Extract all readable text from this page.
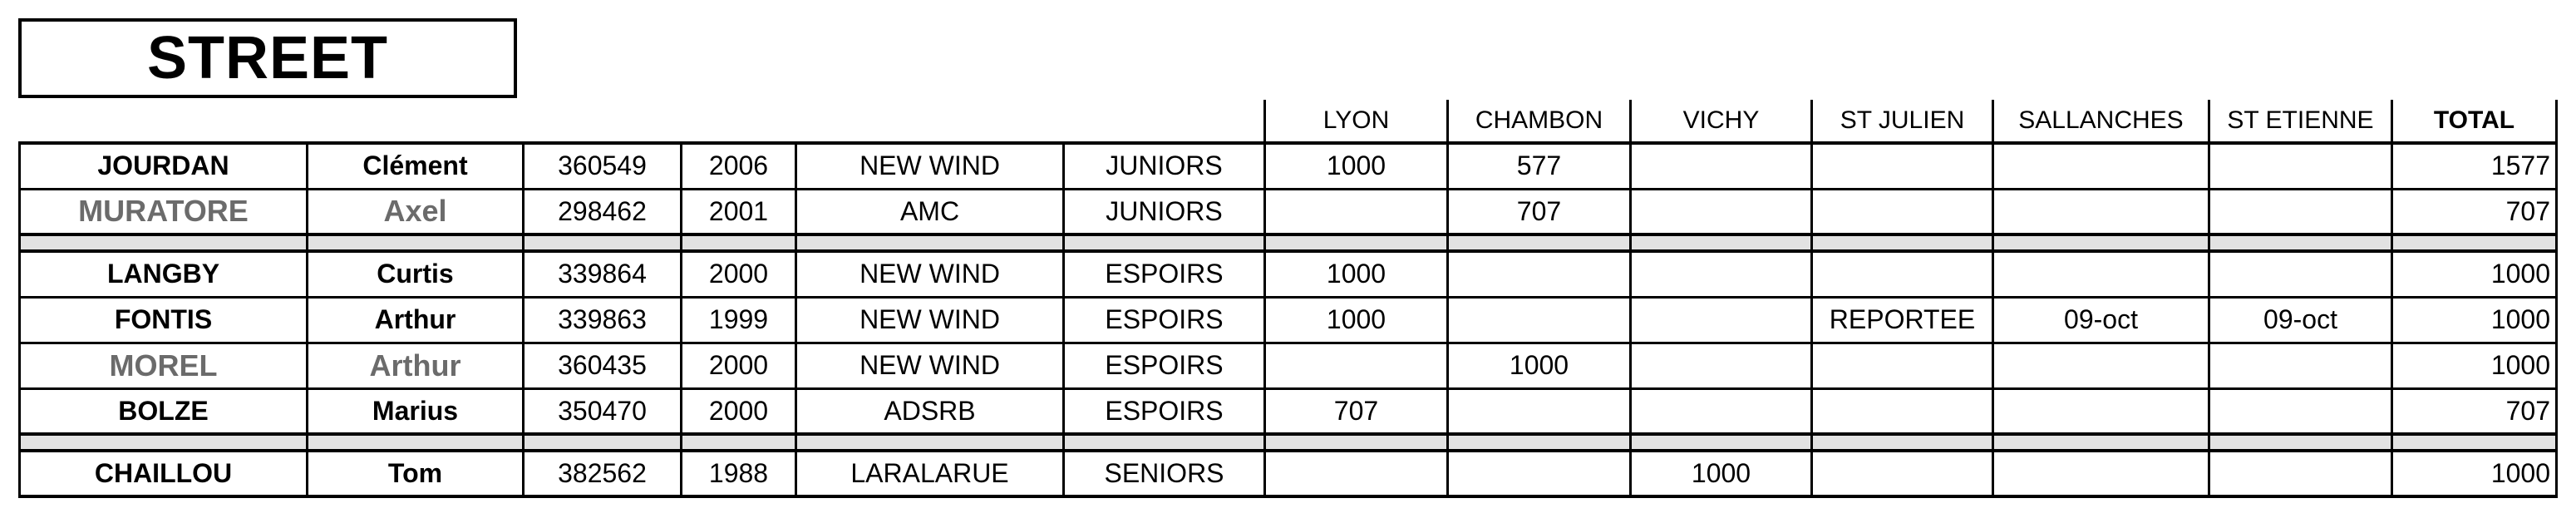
STREET
						LYON	CHAMBON	VICHY	ST JULIEN	SALLANCHES	ST ETIENNE	TOTAL
JOURDAN	Clément	360549	2006	NEW WIND	JUNIORS	1000	577					1577
MURATORE	Axel	298462	2001	AMC	JUNIORS		707					707

LANGBY	Curtis	339864	2000	NEW WIND	ESPOIRS	1000						1000
FONTIS	Arthur	339863	1999	NEW WIND	ESPOIRS	1000			REPORTEE	09-oct	09-oct	1000
MOREL	Arthur	360435	2000	NEW WIND	ESPOIRS		1000					1000
BOLZE	Marius	350470	2000	ADSRB	ESPOIRS	707						707

CHAILLOU	Tom	382562	1988	LARALARUE	SENIORS			1000				1000
